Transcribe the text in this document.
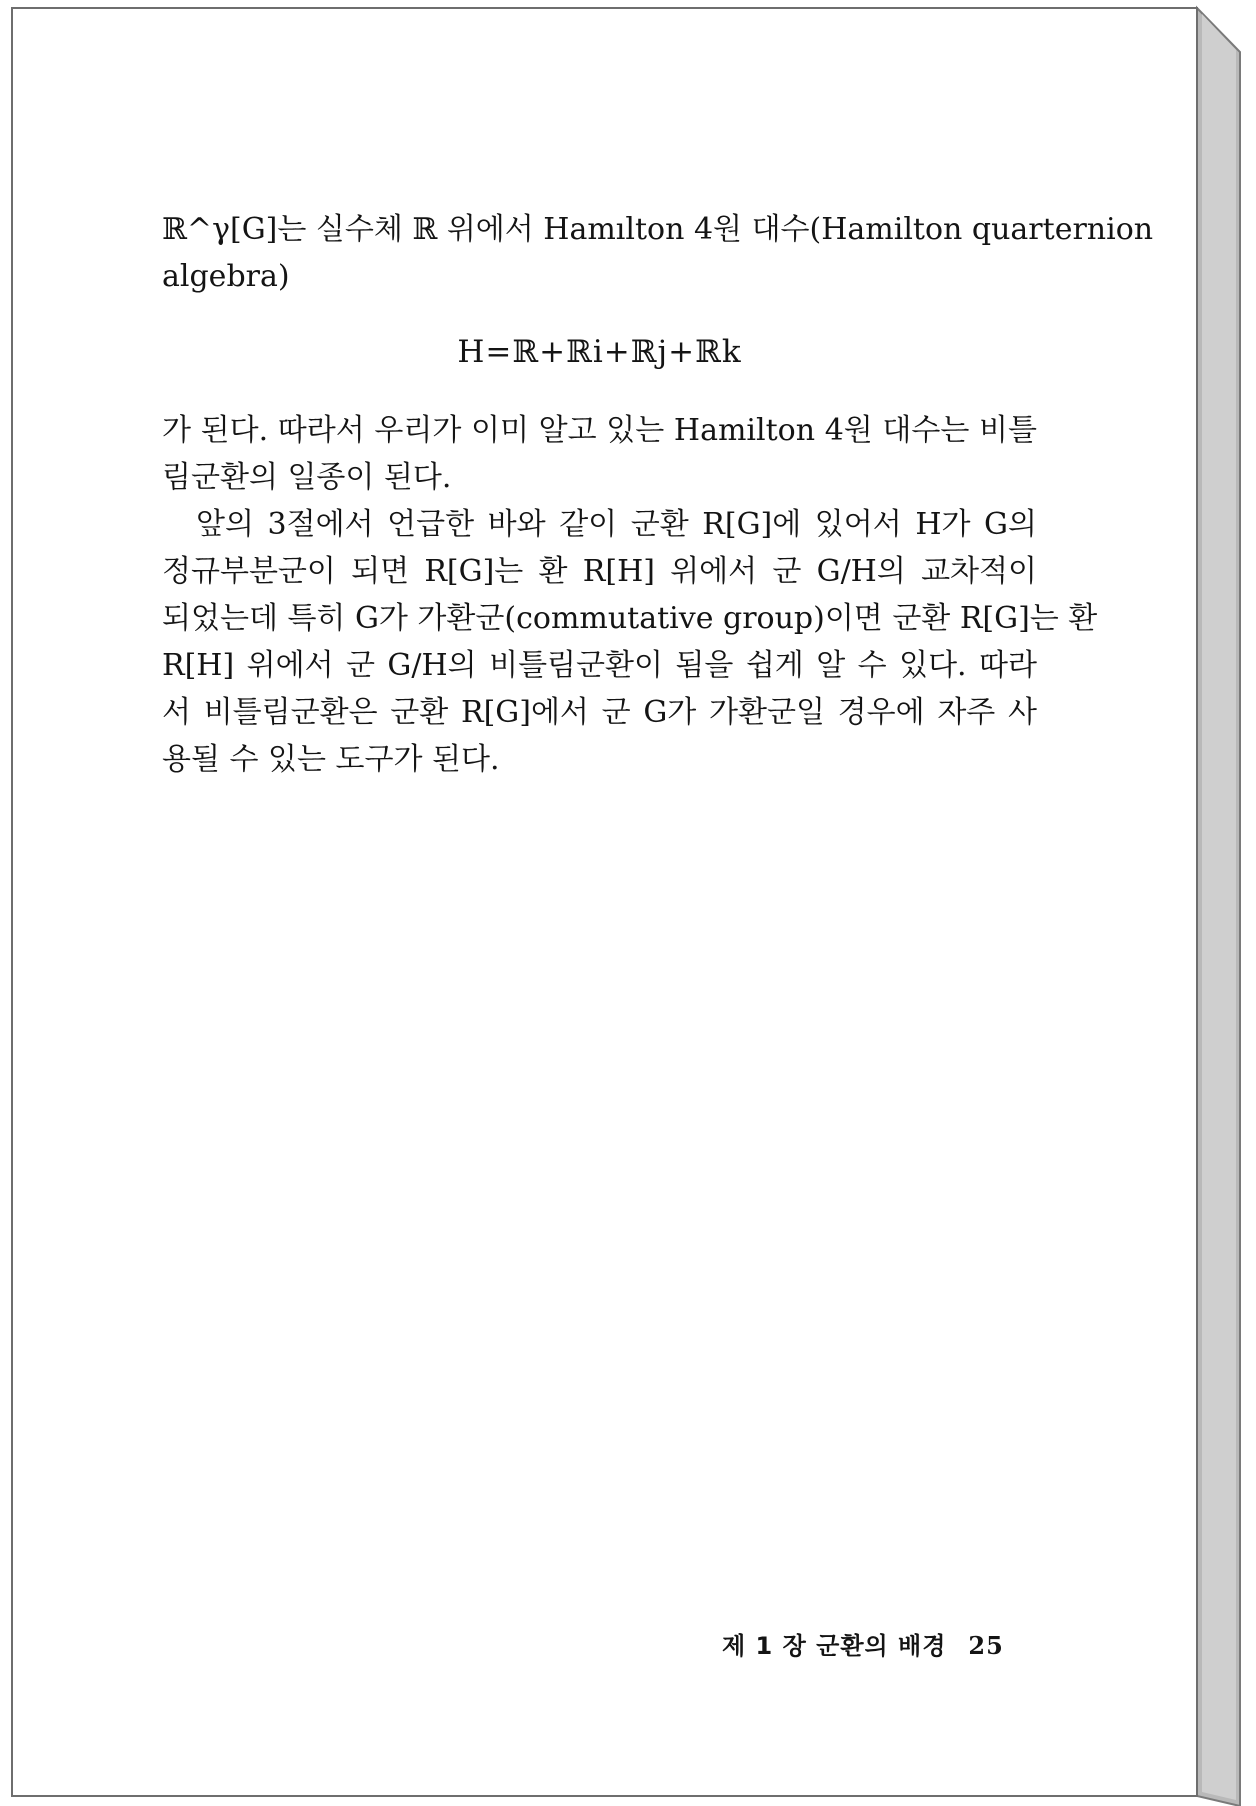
ℝ^γ[G]는 실수체 ℝ 위에서 Hamılton 4원 대수(Hamilton quarternion
algebra)
H=ℝ+ℝi+ℝj+ℝk
가 된다. 따라서 우리가 이미 알고 있는 Hamilton 4원 대수는 비틀
림군환의 일종이 된다.
앞의 3절에서 언급한 바와 같이 군환 R[G]에 있어서 H가 G의
정규부분군이 되면 R[G]는 환 R[H] 위에서 군 G/H의 교차적이
되었는데 특히 G가 가환군(commutative group)이면 군환 R[G]는 환
R[H] 위에서 군 G/H의 비틀림군환이 됨을 쉽게 알 수 있다. 따라
서 비틀림군환은 군환 R[G]에서 군 G가 가환군일 경우에 자주 사
용될 수 있는 도구가 된다.
제 1 장 군환의 배경 25
